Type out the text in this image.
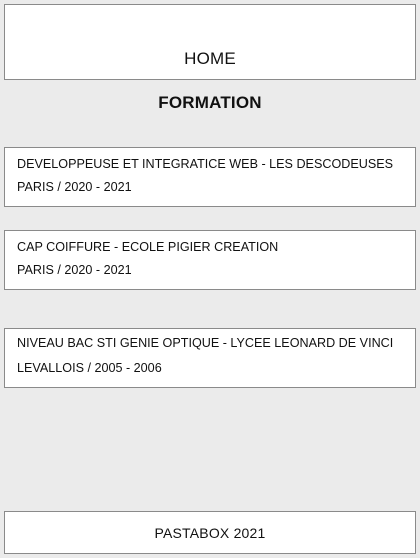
HOME
FORMATION

DEVELOPPEUSE ET INTEGRATICE WEB - LES DESCODEUSES

PARIS / 2020 - 2021

CAP COIFFURE - ECOLE PIGIER CREATION

PARIS / 2020 - 2021

NIVEAU BAC STI GENIE OPTIQUE - LYCEE LEONARD DE VINCI

LEVALLOIS / 2005 - 2006

PASTABOX 2021
